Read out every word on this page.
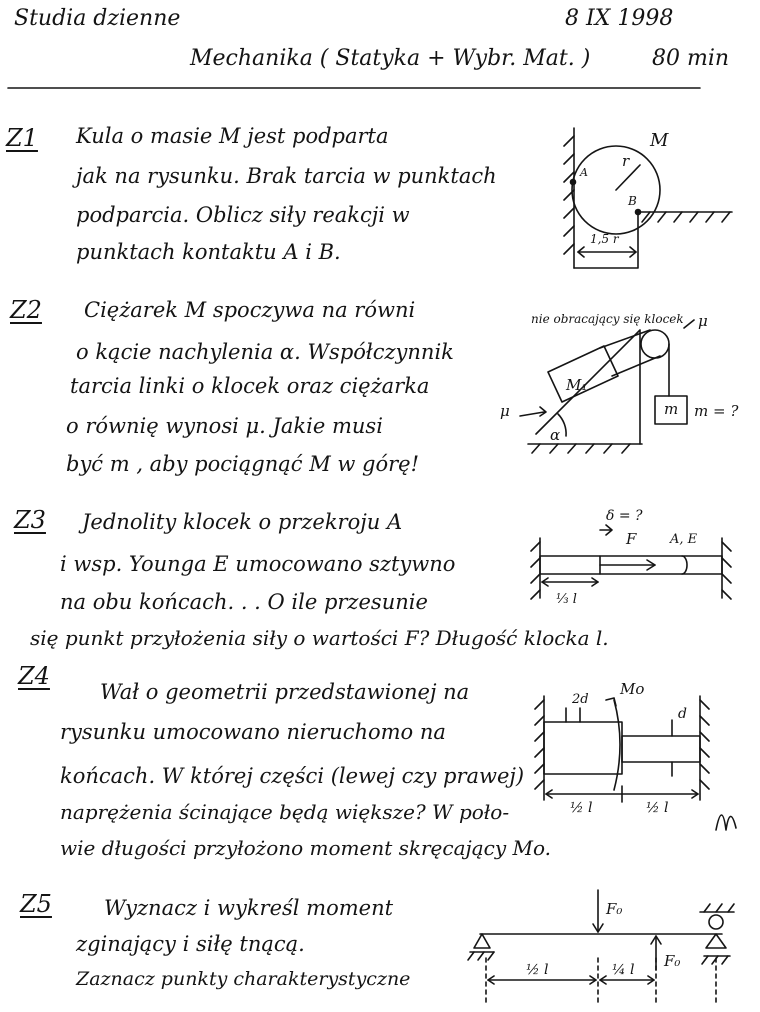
Studia dzienne	8 IX 1998
Mechanika ( Statyka + Wybr. Mat. )	80 min
Z1 Kula o masie M jest podparta
jak na rysunku. Brak tarcia w punktach
podparcia. Oblicz siły reakcji w
punktach kontaktu A i B.
Z2 Ciężarek M spoczywa na równi
o kącie nachylenia α. Współczynnik
tarcia linki o klocek oraz ciężarka
o równię wynosi μ. Jakie musi
być m , aby pociągnąć M w górę!
Z3 Jednolity klocek o przekroju A
i wsp. Younga E umocowano sztywno
na obu końcach. . . O ile przesunie
się punkt przyłożenia siły o wartości F? Długość klocka l.
Z4
Wał o geometrii przedstawionej na
rysunku umocowano nieruchomo na
końcach. W której części (lewej czy prawej)
naprężenia ścinające będą większe? W poło-
wie długości przyłożono moment skręcający Mo.
Z5 Wyznacz i wykreśl moment
zginający i siłę tnącą.
Zaznacz punkty charakterystyczne
M
r
A
B
1,5 r
nie obracający się klocek μ
μ
M₁
m m = ?
α
δ = ?
F	A, E
⅓ l
Mo
2d
d
½ l	½ l
F₀
F₀
½ l	¼ l
